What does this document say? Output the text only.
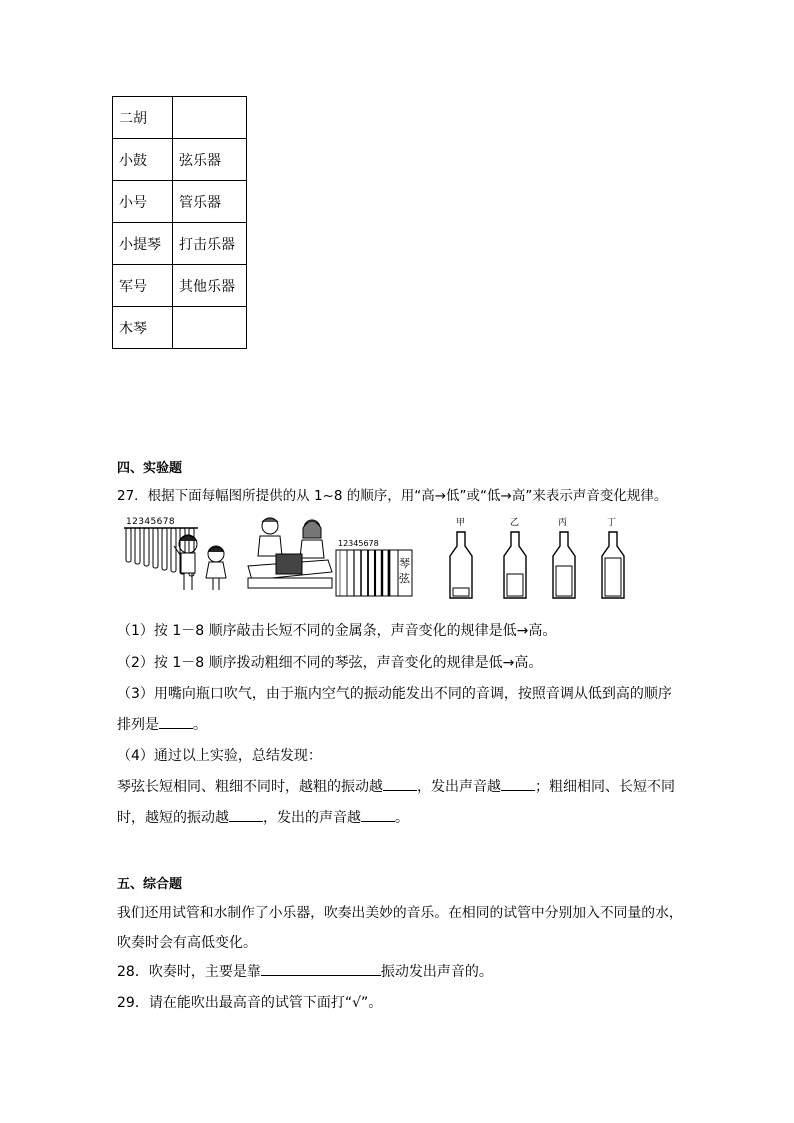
二胡	
小鼓	弦乐器
小号	管乐器
小提琴	打击乐器
军号	其他乐器
木琴	
四、实验题
27．根据下面每幅图所提供的从 1~8 的顺序，用“高→低”或“低→高”来表示声音变化规律。
12345678
12345678
琴
弦
甲	乙	丙	丁
（1）按 1－8 顺序敲击长短不同的金属条，声音变化的规律是低→高。
（2）按 1－8 顺序拨动粗细不同的琴弦，声音变化的规律是低→高。
（3）用嘴向瓶口吹气，由于瓶内空气的振动能发出不同的音调，按照音调从低到高的顺序
排列是 。
（4）通过以上实验，总结发现：
琴弦长短相同、粗细不同时，越粗的振动越 ，发出声音越 ；粗细相同、长短不同
时，越短的振动越 ，发出的声音越 。
五、综合题
我们还用试管和水制作了小乐器，吹奏出美妙的音乐。在相同的试管中分别加入不同量的水，
吹奏时会有高低变化。
28．吹奏时，主要是靠	振动发出声音的。
29．请在能吹出最高音的试管下面打“√”。
